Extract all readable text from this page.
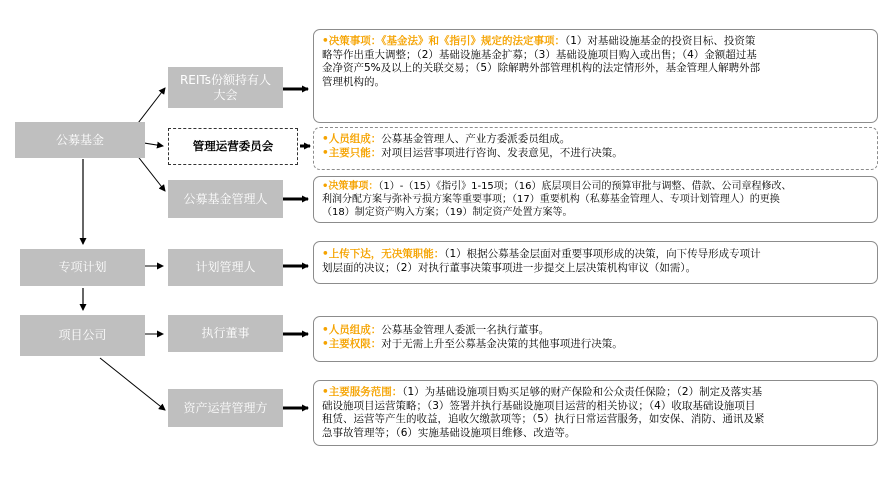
公募基金
专项计划
项目公司
REITs份额持有人大会
管理运营委员会
公募基金管理人
计划管理人
执行董事
资产运营管理方
•决策事项：《基金法》和《指引》规定的法定事项：（1）对基础设施基金的投资目标、投资策
略等作出重大调整；（2）基础设施基金扩募；（3）基础设施项目购入或出售；（4）金额超过基
金净资产5%及以上的关联交易；（5）除解聘外部管理机构的法定情形外，基金管理人解聘外部
管理机构的。
•人员组成：公募基金管理人、产业方委派委员组成。
•主要只能：对项目运营事项进行咨询、发表意见，不进行决策。
•决策事项：（1）-（15）《指引》1-15项；（16）底层项目公司的预算审批与调整、借款、公司章程修改、
利润分配方案与弥补亏损方案等重要事项；（17）重要机构（私募基金管理人、专项计划管理人）的更换
（18）制定资产购入方案；（19）制定资产处置方案等。
•上传下达，无决策职能：（1）根据公募基金层面对重要事项形成的决策，向下传导形成专项计
划层面的决议；（2）对执行董事决策事项进一步提交上层决策机构审议（如需）。
•人员组成：公募基金管理人委派一名执行董事。
•主要权限：对于无需上升至公募基金决策的其他事项进行决策。
•主要服务范围：（1）为基础设施项目购买足够的财产保险和公众责任保险；（2）制定及落实基
础设施项目运营策略；（3）签署并执行基础设施项目运营的相关协议；（4）收取基础设施项目
租赁、运营等产生的收益，追收欠缴款项等；（5）执行日常运营服务，如安保、消防、通讯及紧
急事故管理等；（6）实施基础设施项目维修、改造等。
